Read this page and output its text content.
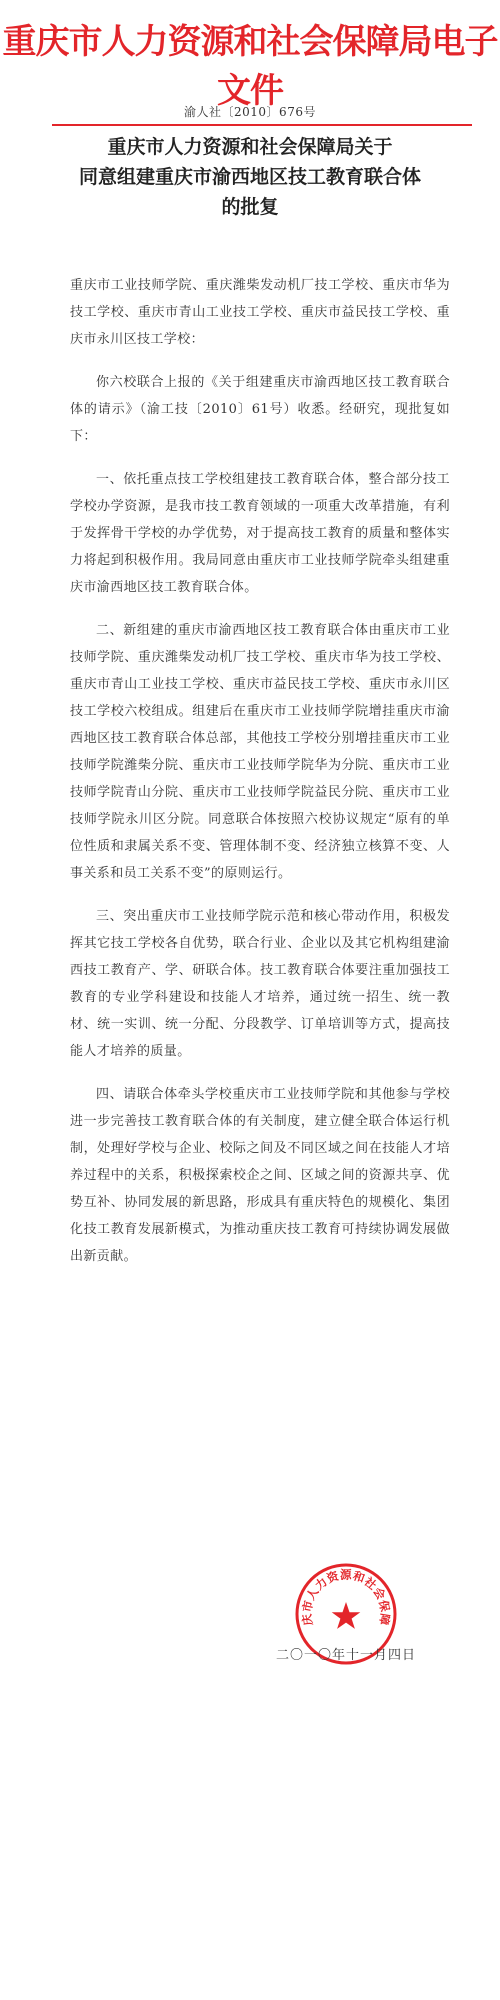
重庆市人力资源和社会保障局电子文件
渝人社〔2010〕676号
重庆市人力资源和社会保障局关于
同意组建重庆市渝西地区技工教育联合体
的批复

重庆市工业技师学院、重庆潍柴发动机厂技工学校、重庆市华为技工学校、重庆市青山工业技工学校、重庆市益民技工学校、重庆市永川区技工学校：

你六校联合上报的《关于组建重庆市渝西地区技工教育联合体的请示》（渝工技〔2010〕61号）收悉。经研究，现批复如下：

一、依托重点技工学校组建技工教育联合体，整合部分技工学校办学资源，是我市技工教育领域的一项重大改革措施，有利于发挥骨干学校的办学优势，对于提高技工教育的质量和整体实力将起到积极作用。我局同意由重庆市工业技师学院牵头组建重庆市渝西地区技工教育联合体。

二、新组建的重庆市渝西地区技工教育联合体由重庆市工业技师学院、重庆潍柴发动机厂技工学校、重庆市华为技工学校、重庆市青山工业技工学校、重庆市益民技工学校、重庆市永川区技工学校六校组成。组建后在重庆市工业技师学院增挂重庆市渝西地区技工教育联合体总部，其他技工学校分别增挂重庆市工业技师学院潍柴分院、重庆市工业技师学院华为分院、重庆市工业技师学院青山分院、重庆市工业技师学院益民分院、重庆市工业技师学院永川区分院。同意联合体按照六校协议规定“原有的单位性质和隶属关系不变、管理体制不变、经济独立核算不变、人事关系和员工关系不变”的原则运行。

三、突出重庆市工业技师学院示范和核心带动作用，积极发挥其它技工学校各自优势，联合行业、企业以及其它机构组建渝西技工教育产、学、研联合体。技工教育联合体要注重加强技工教育的专业学科建设和技能人才培养，通过统一招生、统一教材、统一实训、统一分配、分段教学、订单培训等方式，提高技能人才培养的质量。

四、请联合体牵头学校重庆市工业技师学院和其他参与学校进一步完善技工教育联合体的有关制度，建立健全联合体运行机制，处理好学校与企业、校际之间及不同区域之间在技能人才培养过程中的关系，积极探索校企之间、区域之间的资源共享、优势互补、协同发展的新思路，形成具有重庆特色的规模化、集团化技工教育发展新模式，为推动重庆技工教育可持续协调发展做出新贡献。

庆市人力资源和社会保障
二〇一〇年十一月四日
